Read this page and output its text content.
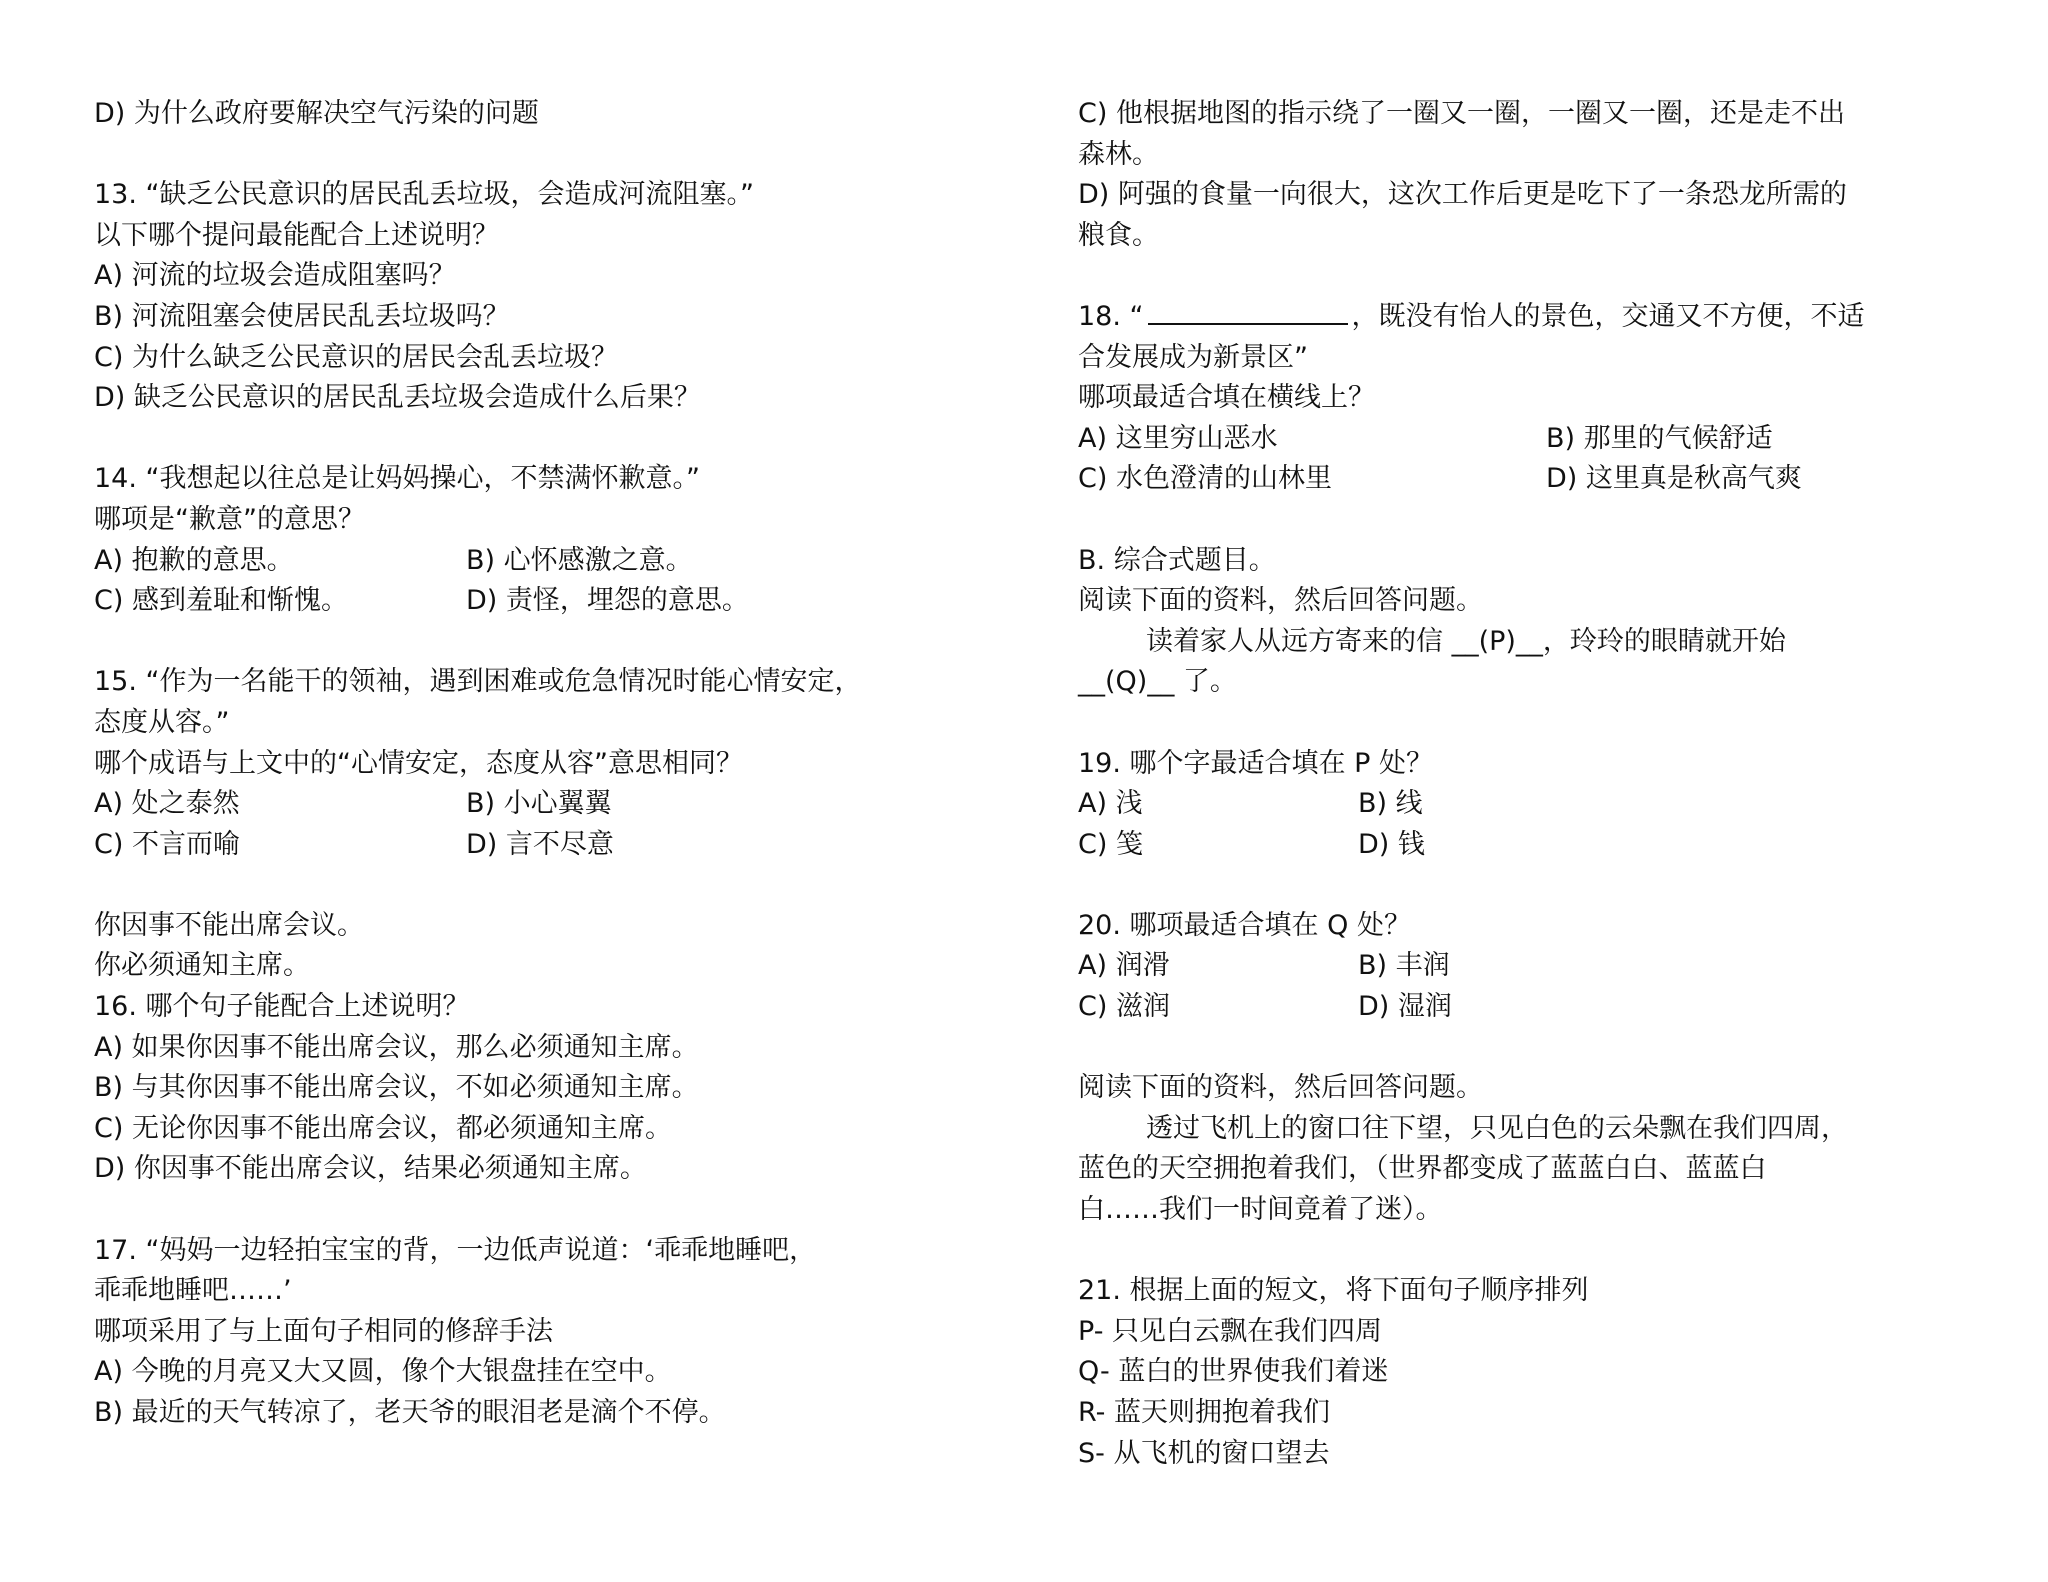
D) 为什么政府要解决空气污染的问题
13. “缺乏公民意识的居民乱丢垃圾，会造成河流阻塞。”
以下哪个提问最能配合上述说明？
A) 河流的垃圾会造成阻塞吗？
B) 河流阻塞会使居民乱丢垃圾吗？
C) 为什么缺乏公民意识的居民会乱丢垃圾？
D) 缺乏公民意识的居民乱丢垃圾会造成什么后果？
14. “我想起以往总是让妈妈操心，不禁满怀歉意。”
哪项是“歉意”的意思？
A) 抱歉的意思。	B) 心怀感激之意。
C) 感到羞耻和惭愧。	D) 责怪，埋怨的意思。
15. “作为一名能干的领袖，遇到困难或危急情况时能心情安定，
态度从容。”
哪个成语与上文中的“心情安定，态度从容”意思相同？
A) 处之泰然	B) 小心翼翼
C) 不言而喻	D) 言不尽意
你因事不能出席会议。
你必须通知主席。
16. 哪个句子能配合上述说明？
A) 如果你因事不能出席会议，那么必须通知主席。
B) 与其你因事不能出席会议，不如必须通知主席。
C) 无论你因事不能出席会议，都必须通知主席。
D) 你因事不能出席会议，结果必须通知主席。
17. “妈妈一边轻拍宝宝的背，一边低声说道：‘乖乖地睡吧，
乖乖地睡吧……’
哪项采用了与上面句子相同的修辞手法
A) 今晚的月亮又大又圆，像个大银盘挂在空中。
B) 最近的天气转凉了，老天爷的眼泪老是滴个不停。
C) 他根据地图的指示绕了一圈又一圈，一圈又一圈，还是走不出
森林。
D) 阿强的食量一向很大，这次工作后更是吃下了一条恐龙所需的
粮食。
18. “	，既没有怡人的景色，交通又不方便，不适
合发展成为新景区”
哪项最适合填在横线上？
A) 这里穷山恶水	B) 那里的气候舒适
C) 水色澄清的山林里	D) 这里真是秋高气爽
B. 综合式题目。
阅读下面的资料，然后回答问题。
读着家人从远方寄来的信 __(P)__，玲玲的眼睛就开始
__(Q)__ 了。
19. 哪个字最适合填在 P 处？
A) 浅	B) 线
C) 笺	D) 钱
20. 哪项最适合填在 Q 处？
A) 润滑	B) 丰润
C) 滋润	D) 湿润
阅读下面的资料，然后回答问题。
透过飞机上的窗口往下望，只见白色的云朵飘在我们四周，
蓝色的天空拥抱着我们，（世界都变成了蓝蓝白白、蓝蓝白
白……我们一时间竟着了迷）。
21. 根据上面的短文，将下面句子顺序排列
P- 只见白云飘在我们四周
Q- 蓝白的世界使我们着迷
R- 蓝天则拥抱着我们
S- 从飞机的窗口望去
